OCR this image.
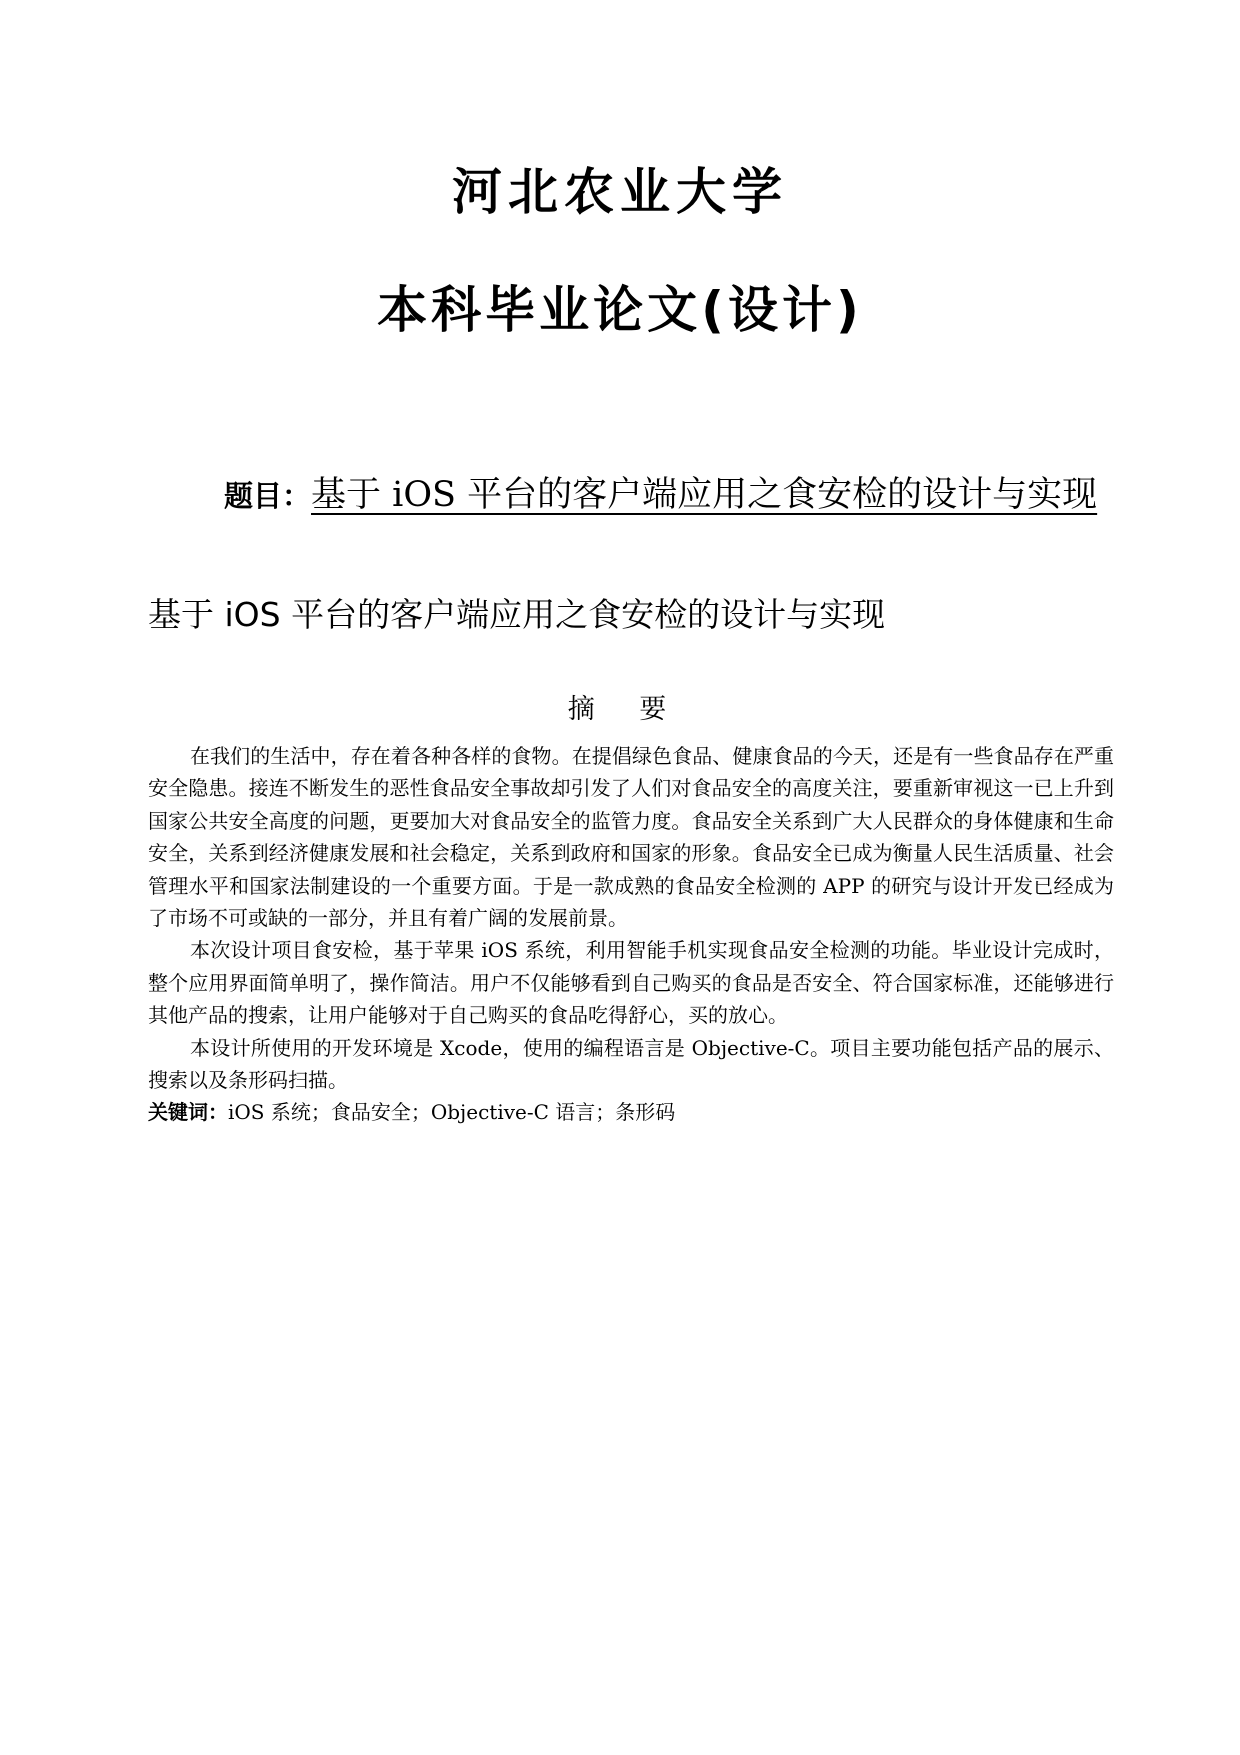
河北农业大学
本科毕业论文(设计)
题目：基于 iOS 平台的客户端应用之食安检的设计与实现
基于 iOS 平台的客户端应用之食安检的设计与实现
摘 要

在我们的生活中，存在着各种各样的食物。在提倡绿色食品、健康食品的今天，还是有一些食品存在严重安全隐患。接连不断发生的恶性食品安全事故却引发了人们对食品安全的高度关注，要重新审视这一已上升到国家公共安全高度的问题，更要加大对食品安全的监管力度。食品安全关系到广大人民群众的身体健康和生命安全，关系到经济健康发展和社会稳定，关系到政府和国家的形象。食品安全已成为衡量人民生活质量、社会管理水平和国家法制建设的一个重要方面。于是一款成熟的食品安全检测的 APP 的研究与设计开发已经成为了市场不可或缺的一部分，并且有着广阔的发展前景。

本次设计项目食安检，基于苹果 iOS 系统，利用智能手机实现食品安全检测的功能。毕业设计完成时，整个应用界面简单明了，操作简洁。用户不仅能够看到自己购买的食品是否安全、符合国家标准，还能够进行其他产品的搜索，让用户能够对于自己购买的食品吃得舒心，买的放心。

本设计所使用的开发环境是 Xcode，使用的编程语言是 Objective-C。项目主要功能包括产品的展示、搜索以及条形码扫描。

关键词：iOS 系统；食品安全；Objective-C 语言；条形码
